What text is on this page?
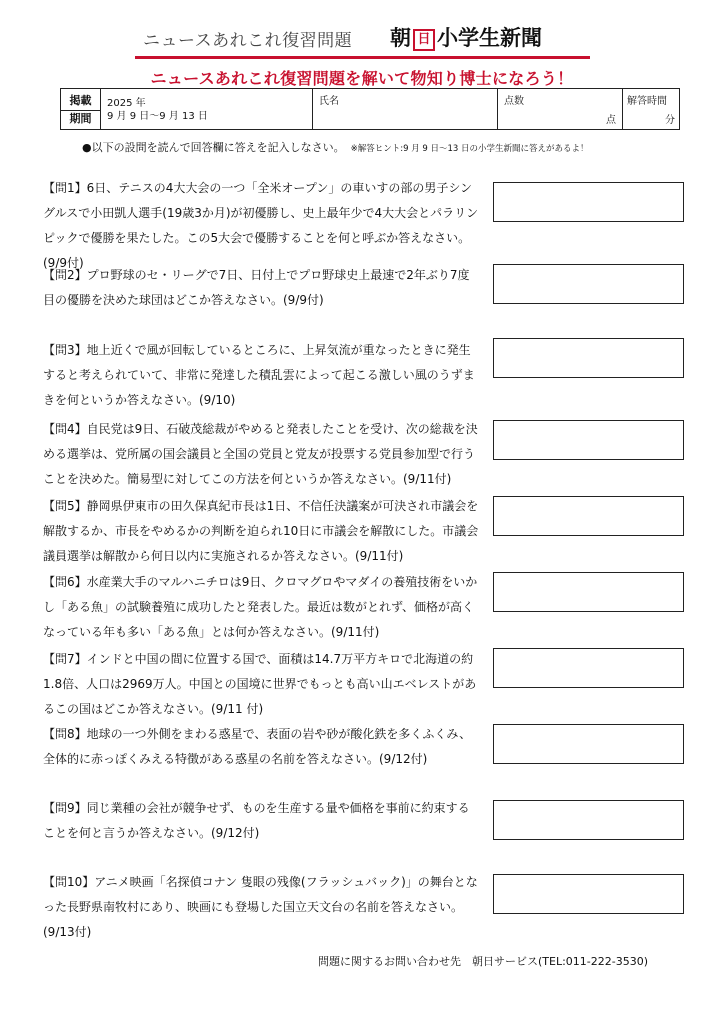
ニュースあれこれ復習問題 朝 日 小学生新聞
ニュースあれこれ復習問題を解いて物知り博士になろう！
掲載
期間
2025 年
9 月 9 日～9 月 13 日
氏名	点数
点
解答時間
分
●以下の設問を読んで回答欄に答えを記入しなさい。 ※解答ヒント:9 月 9 日～13 日の小学生新聞に答えがあるよ！
【問1】6日、テニスの4大大会の一つ「全米オープン」の車いすの部の男子シングルスで小田凱人選手(19歳3か月)が初優勝し、史上最年少で4大大会とパラリンピックで優勝を果たした。この5大会で優勝することを何と呼ぶか答えなさい。(9/9付)
【問2】プロ野球のセ・リーグで7日、日付上でプロ野球史上最速で2年ぶり7度目の優勝を決めた球団はどこか答えなさい。(9/9付)
【問3】地上近くで風が回転しているところに、上昇気流が重なったときに発生すると考えられていて、非常に発達した積乱雲によって起こる激しい風のうずまきを何というか答えなさい。(9/10)
【問4】自民党は9日、石破茂総裁がやめると発表したことを受け、次の総裁を決める選挙は、党所属の国会議員と全国の党員と党友が投票する党員参加型で行うことを決めた。簡易型に対してこの方法を何というか答えなさい。(9/11付)
【問5】静岡県伊東市の田久保真紀市長は1日、不信任決議案が可決され市議会を解散するか、市長をやめるかの判断を迫られ10日に市議会を解散にした。市議会議員選挙は解散から何日以内に実施されるか答えなさい。(9/11付)
【問6】水産業大手のマルハニチロは9日、クロマグロやマダイの養殖技術をいかし「ある魚」の試験養殖に成功したと発表した。最近は数がとれず、価格が高くなっている年も多い「ある魚」とは何か答えなさい。(9/11付)
【問7】インドと中国の間に位置する国で、面積は14.7万平方キロで北海道の約1.8倍、人口は2969万人。中国との国境に世界でもっとも高い山エベレストがあるこの国はどこか答えなさい。(9/11 付)
【問8】地球の一つ外側をまわる惑星で、表面の岩や砂が酸化鉄を多くふくみ、全体的に赤っぽくみえる特徴がある惑星の名前を答えなさい。(9/12付)
【問9】同じ業種の会社が競争せず、ものを生産する量や価格を事前に約束することを何と言うか答えなさい。(9/12付)
【問10】アニメ映画「名探偵コナン 隻眼の残像(フラッシュバック)」の舞台となった長野県南牧村にあり、映画にも登場した国立天文台の名前を答えなさい。(9/13付)
問題に関するお問い合わせ先　朝日サービス(TEL:011-222-3530)
